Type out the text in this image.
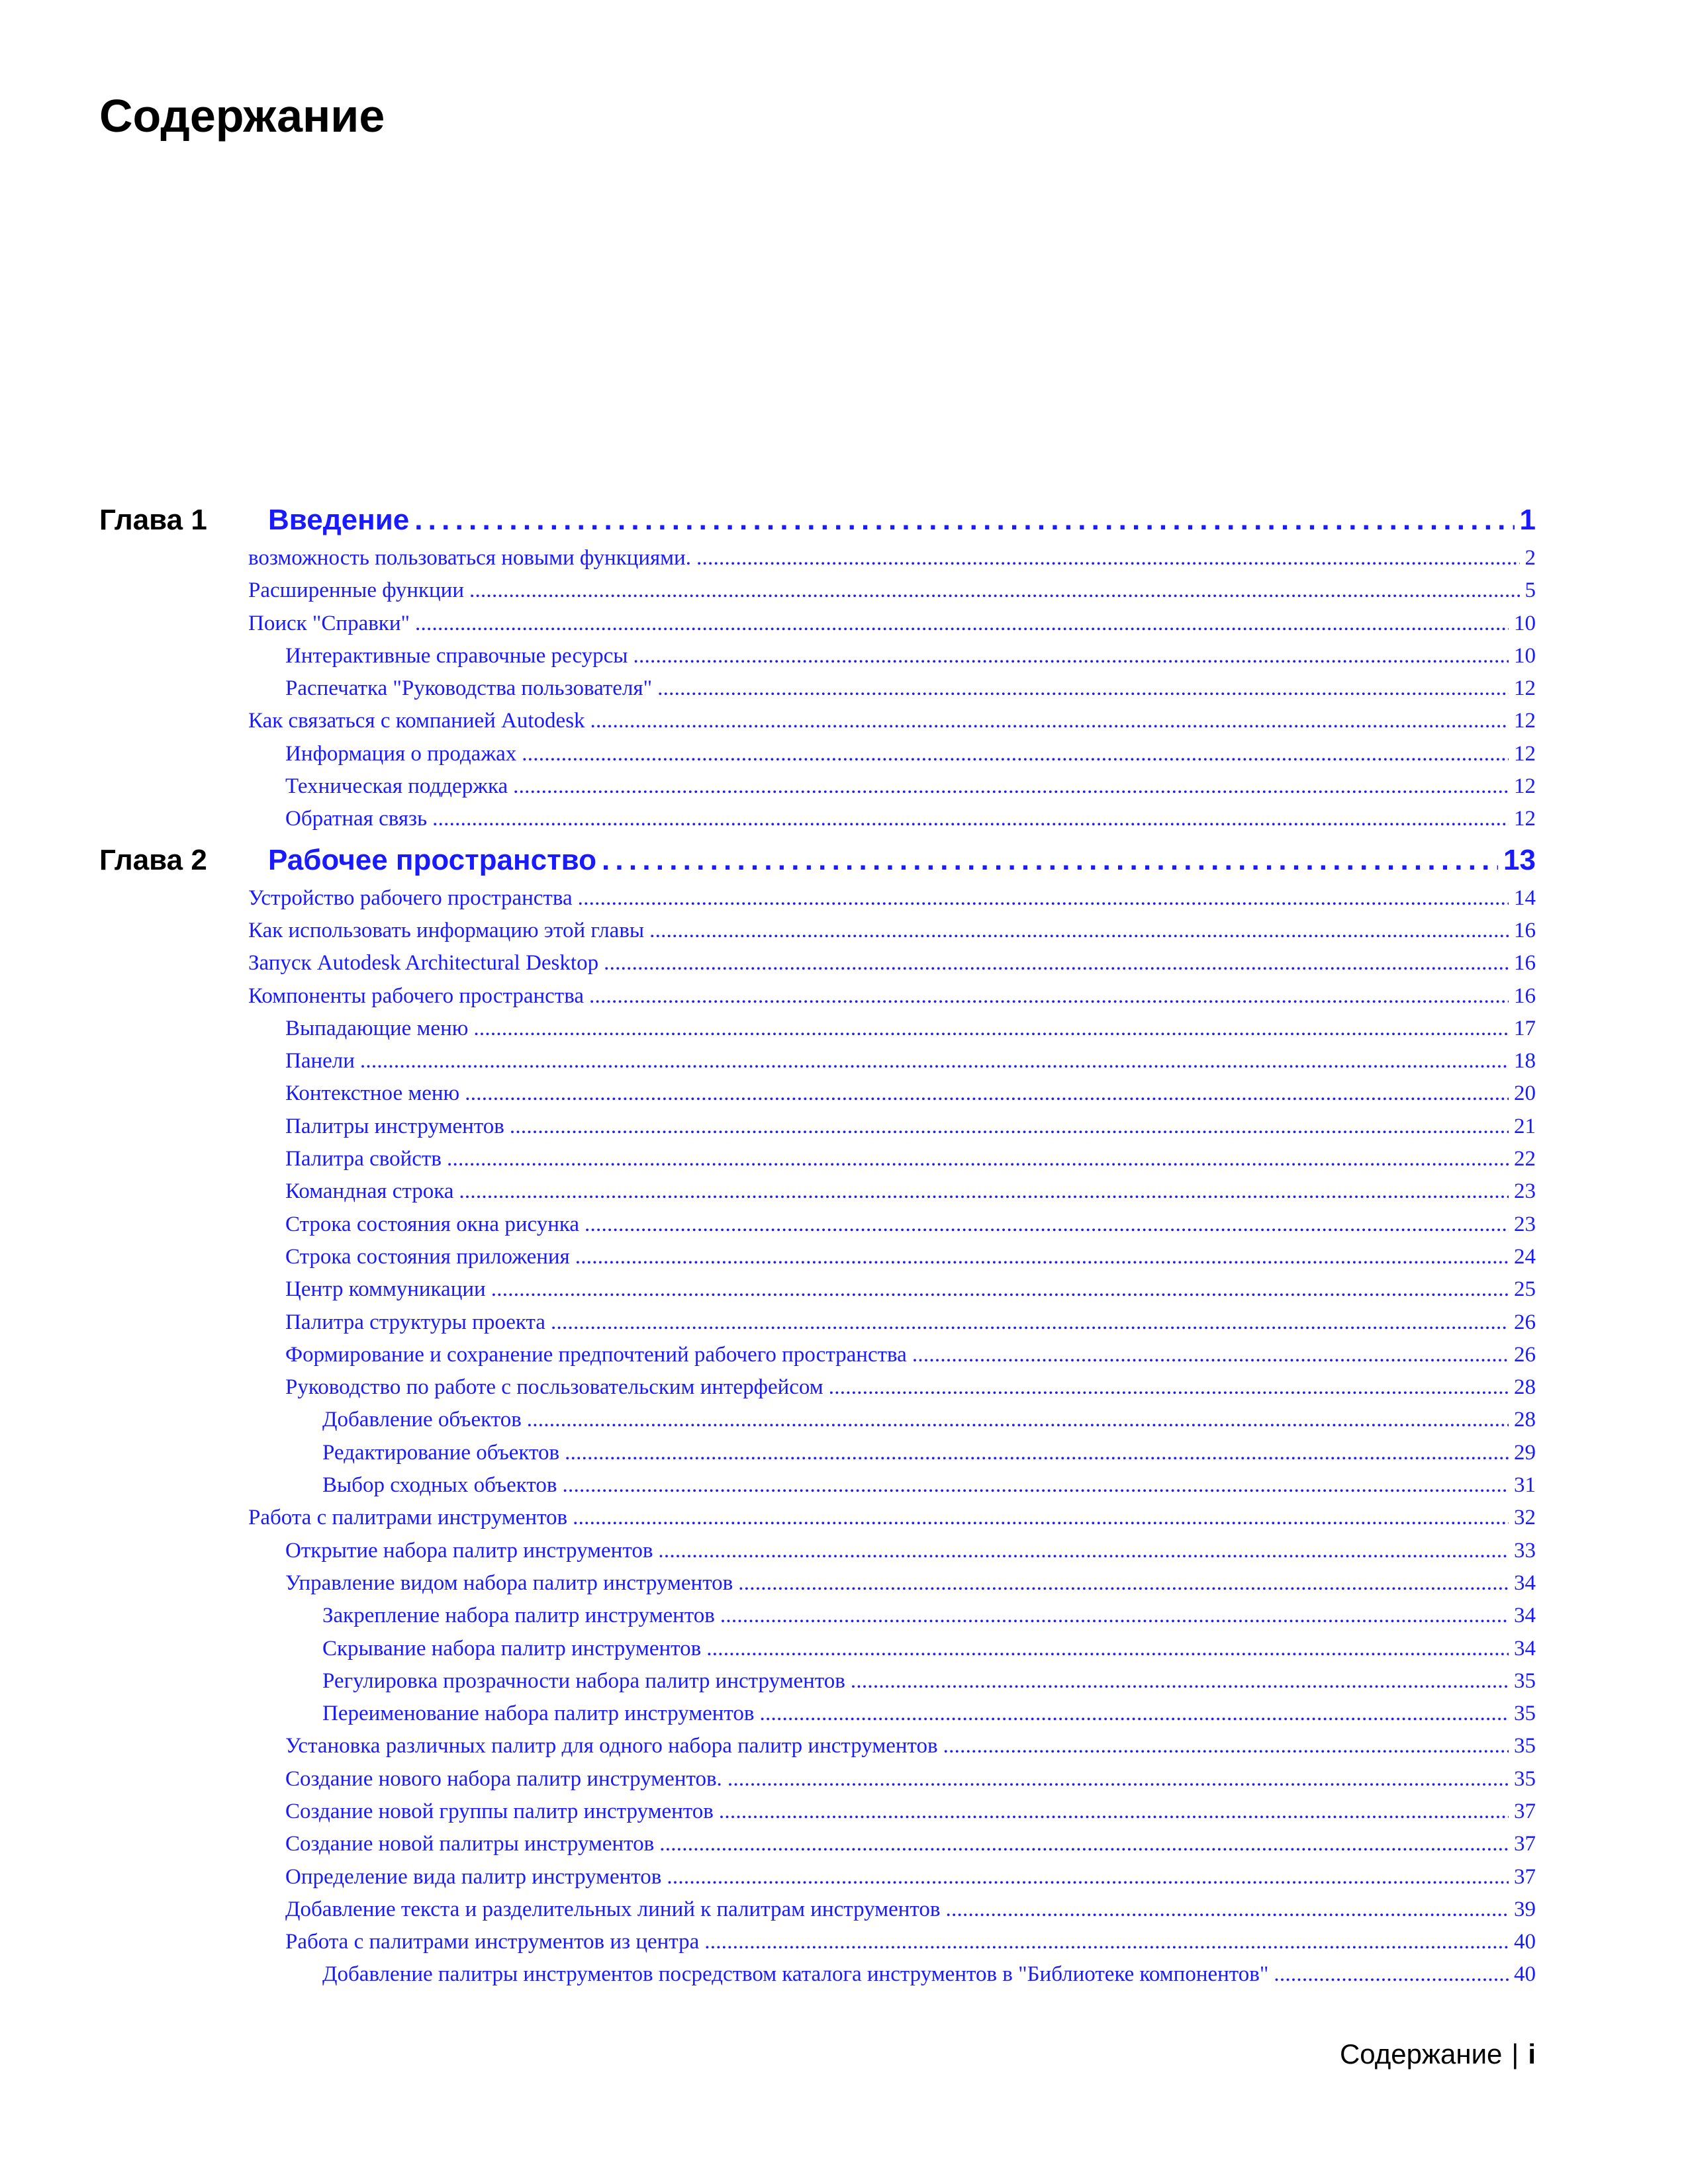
Содержание
Глава 1	Введение . . .	1
возможность пользоваться новыми функциями. . . .	2
Расширенные функции . . .	5
Поиск "Справки" . . .	10
Интерактивные справочные ресурсы . . .	10
Распечатка "Руководства пользователя" . . .	12
Как связаться с компанией Autodesk . . .	12
Информация о продажах . . .	12
Техническая поддержка . . .	12
Обратная связь . . .	12
Глава 2	Рабочее пространство . . .	13
Устройство рабочего пространства . . .	14
Как использовать информацию этой главы . . .	16
Запуск Autodesk Architectural Desktop . . .	16
Компоненты рабочего пространства . . .	16
Выпадающие меню . . .	17
Панели . . .	18
Контекстное меню . . .	20
Палитры инструментов . . .	21
Палитра свойств . . .	22
Командная строка . . .	23
Строка состояния окна рисунка . . .	23
Строка состояния приложения . . .	24
Центр коммуникации . . .	25
Палитра структуры проекта . . .	26
Формирование и сохранение предпочтений рабочего пространства . . .	26
Руководство по работе с посльзовательским интерфейсом . . .	28
Добавление объектов . . .	28
Редактирование объектов . . .	29
Выбор сходных объектов . . .	31
Работа с палитрами инструментов . . .	32
Открытие набора палитр инструментов . . .	33
Управление видом набора палитр инструментов . . .	34
Закрепление набора палитр инструментов . . .	34
Скрывание набора палитр инструментов . . .	34
Регулировка прозрачности набора палитр инструментов . . .	35
Переименование набора палитр инструментов . . .	35
Установка различных палитр для одного набора палитр инструментов . . .	35
Создание нового набора палитр инструментов. . . .	35
Создание новой группы палитр инструментов . . .	37
Создание новой палитры инструментов . . .	37
Определение вида палитр инструментов . . .	37
Добавление текста и разделительных линий к палитрам инструментов . . .	39
Работа с палитрами инструментов из центра . . .	40
Добавление палитры инструментов посредством каталога инструментов в "Библиотеке компонентов" . . .	40
Содержание | i
